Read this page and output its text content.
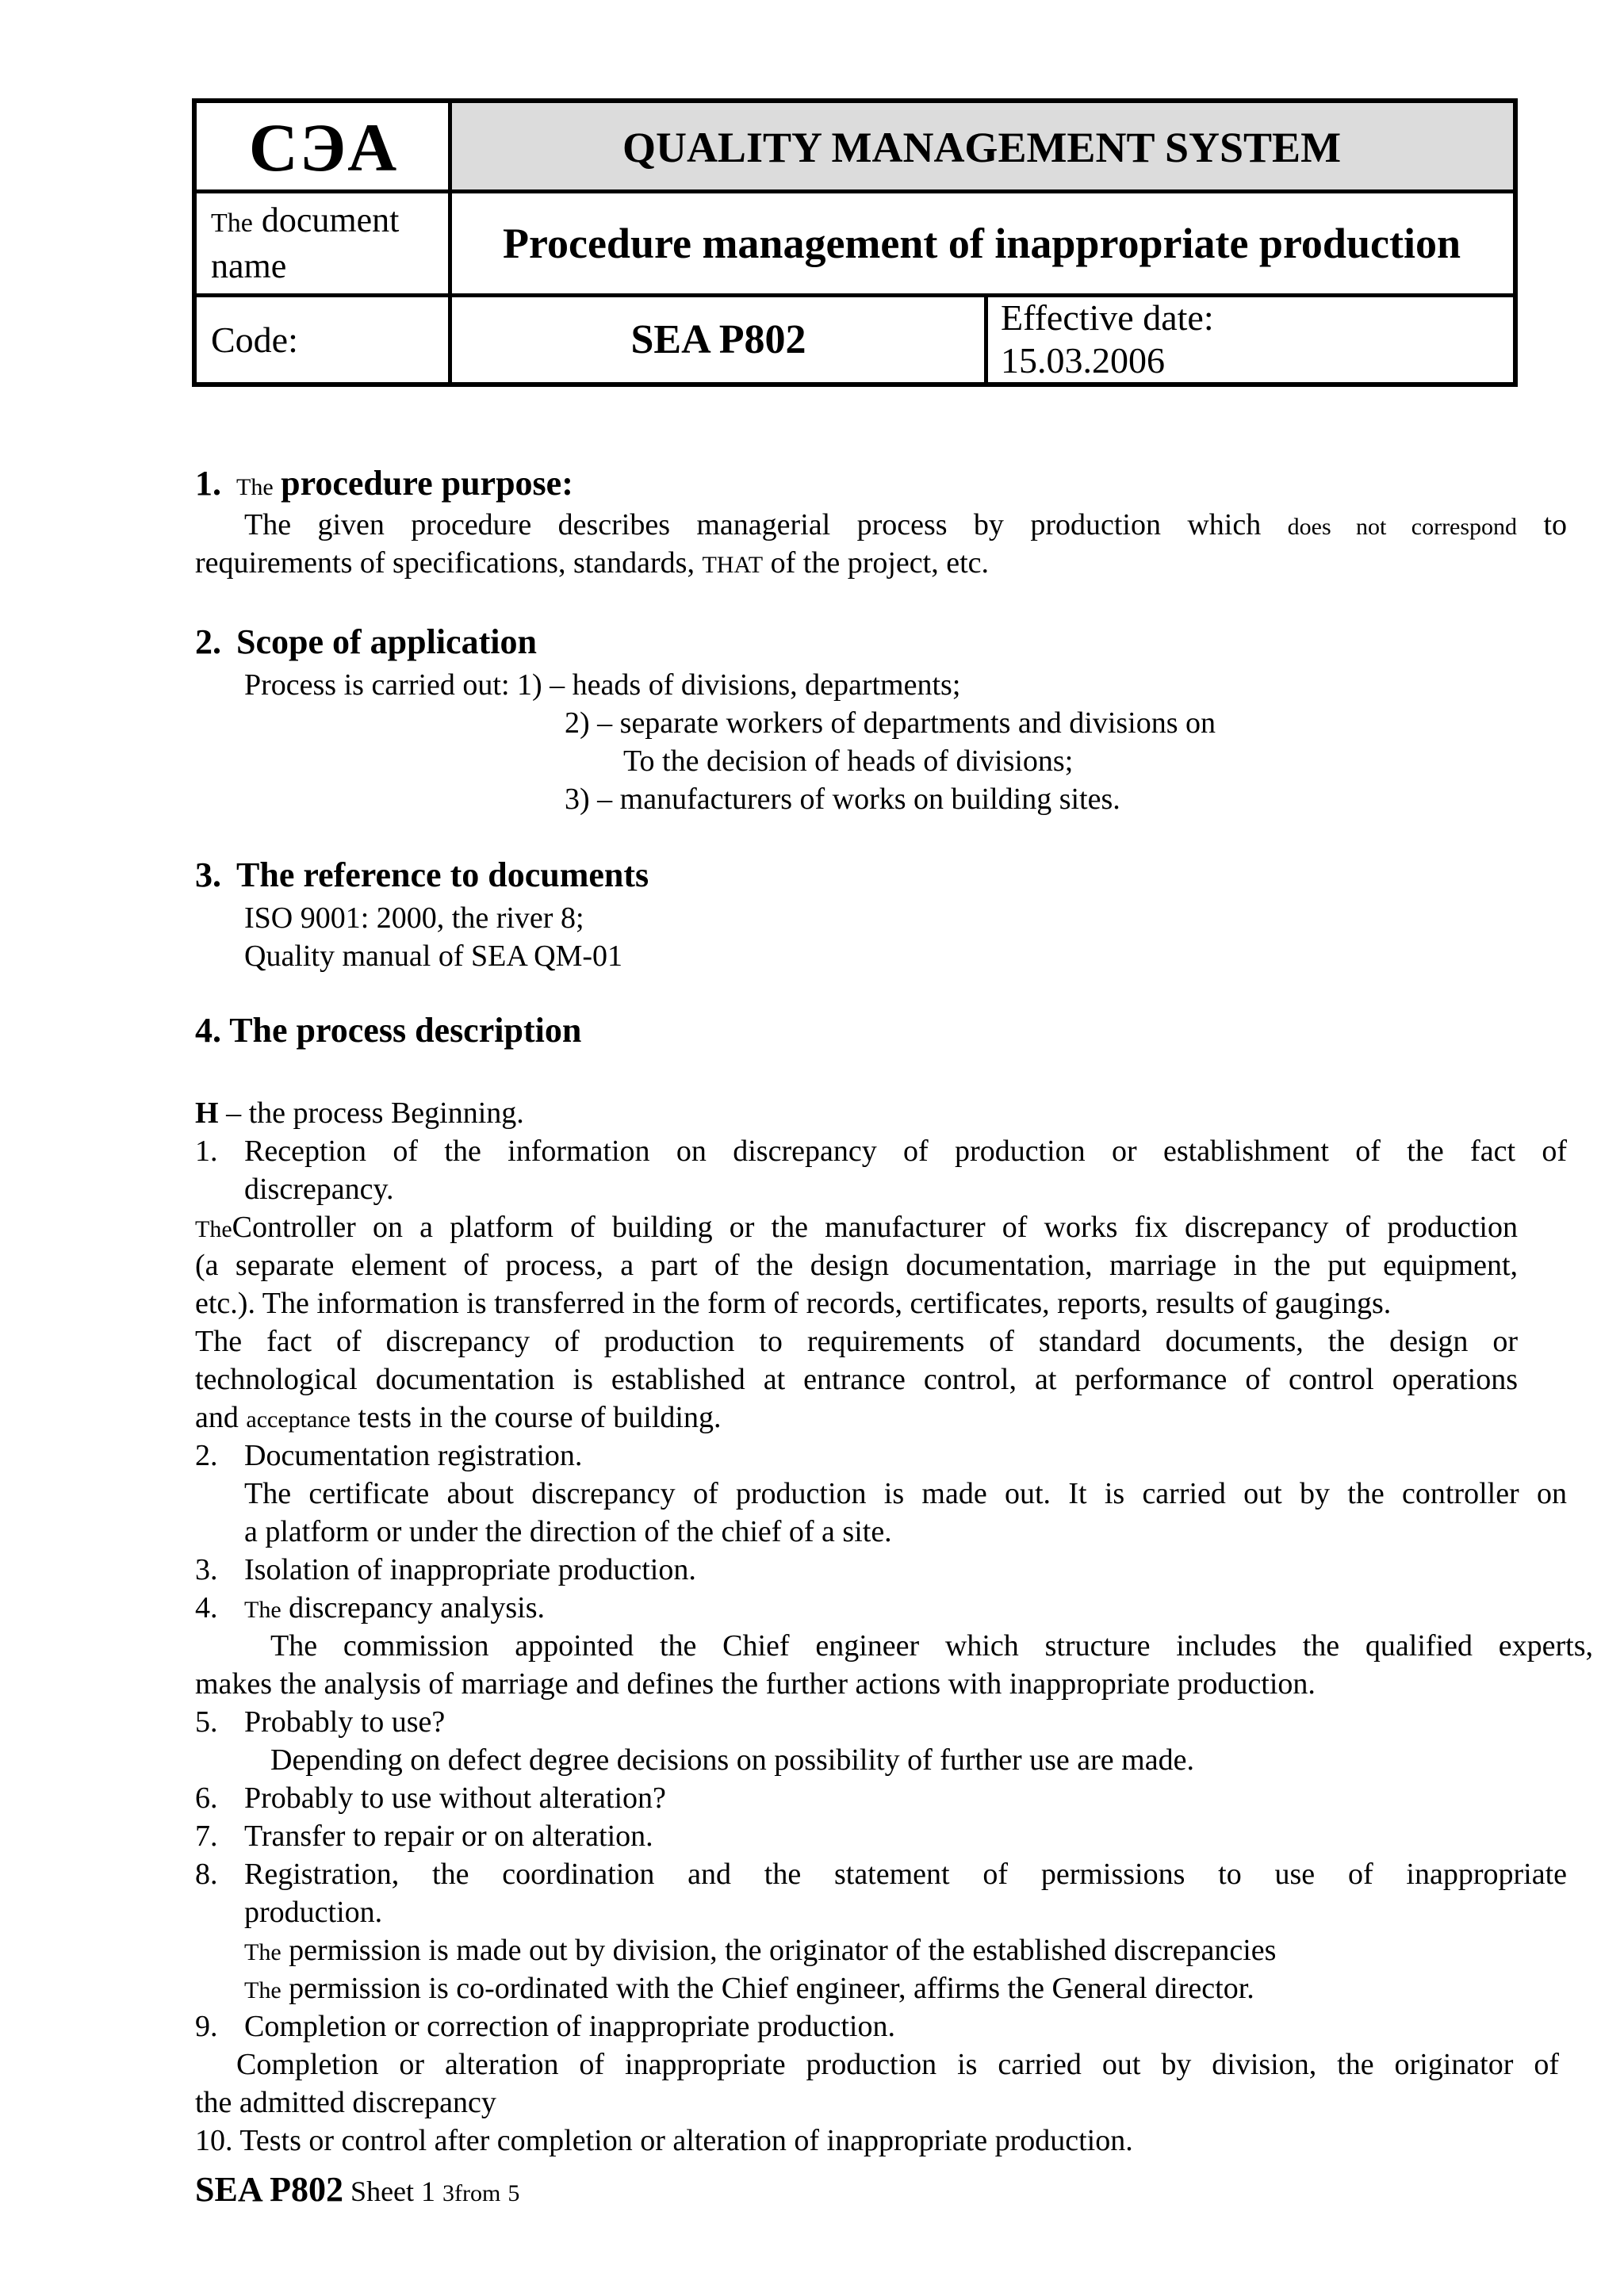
СЭА	QUALITY MANAGEMENT SYSTEM
The document
name	Procedure management of inappropriate production
Code:	SEA P802	Effective date:
15.03.2006
1. The procedure purpose:
The given procedure describes managerial process by production which does not correspond to
requirements of specifications, standards, THAT of the project, etc.
2. Scope of application
Process is carried out: 1) – heads of divisions, departments;
2) – separate workers of departments and divisions on
To the decision of heads of divisions;
3) – manufacturers of works on building sites.
3. The reference to documents
ISO 9001: 2000, the river 8;
Quality manual of SEA QM-01
4. The process description
H – the process Beginning.
1. Reception of the information on discrepancy of production or establishment of the fact of
discrepancy.
TheController on a platform of building or the manufacturer of works fix discrepancy of production
(a separate element of process, a part of the design documentation, marriage in the put equipment,
etc.). The information is transferred in the form of records, certificates, reports, results of gaugings.
The fact of discrepancy of production to requirements of standard documents, the design or
technological documentation is established at entrance control, at performance of control operations
and acceptance tests in the course of building.
2. Documentation registration.
The certificate about discrepancy of production is made out. It is carried out by the controller on
a platform or under the direction of the chief of a site.
3. Isolation of inappropriate production.
4. The discrepancy analysis.
The commission appointed the Chief engineer which structure includes the qualified experts,
makes the analysis of marriage and defines the further actions with inappropriate production.
5. Probably to use?
Depending on defect degree decisions on possibility of further use are made.
6. Probably to use without alteration?
7. Transfer to repair or on alteration.
8. Registration, the coordination and the statement of permissions to use of inappropriate
production.
The permission is made out by division, the originator of the established discrepancies
The permission is co-ordinated with the Chief engineer, affirms the General director.
9. Completion or correction of inappropriate production.
Completion or alteration of inappropriate production is carried out by division, the originator of
the admitted discrepancy
10. Tests or control after completion or alteration of inappropriate production.
SEA P802 Sheet 1 3from 5
